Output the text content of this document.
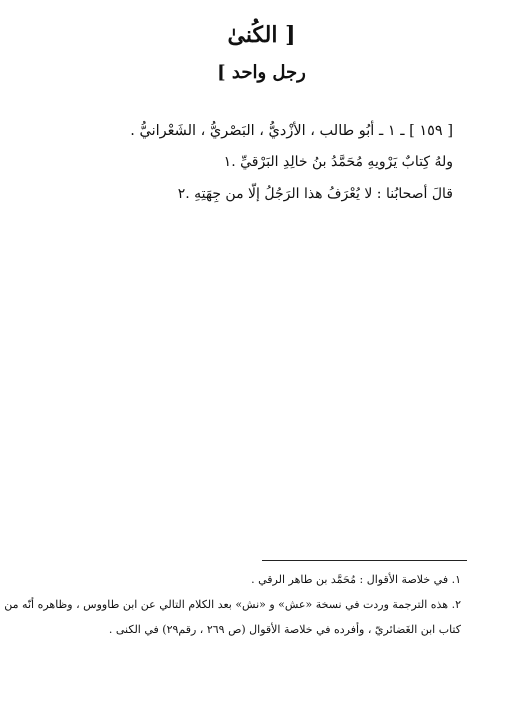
[ الكُنىٰ
رجل واحد ]
[ ١٥٩ ] ـ ١ ـ أبُو طالب ، الأزْديُّ ، البَصْريُّ ، الشَعْرانيُّ .
ولهُ كِتابٌ يَرْويهِ مُحَمَّدُ بنُ خالِدِ البَرْقيِّ .١
قالَ أصحابُنا : لا يُعْرَفُ هذا الرَجُلُ إلّا من جِهَتِهِ .٢
١. في خلاصة الأقوال : مُحَمَّد بن طاهر الرقي .
٢. هذه الترجمة وردت في نسخة «عش» و «نش» بعد الكلام التالي عن ابن طاووس ، وظاهره أنّه من
كتاب ابن الغَضائريّ ، وأفرده في خلاصة الأقوال (ص ٢٦٩ ، رقم٢٩) في الكنى .
